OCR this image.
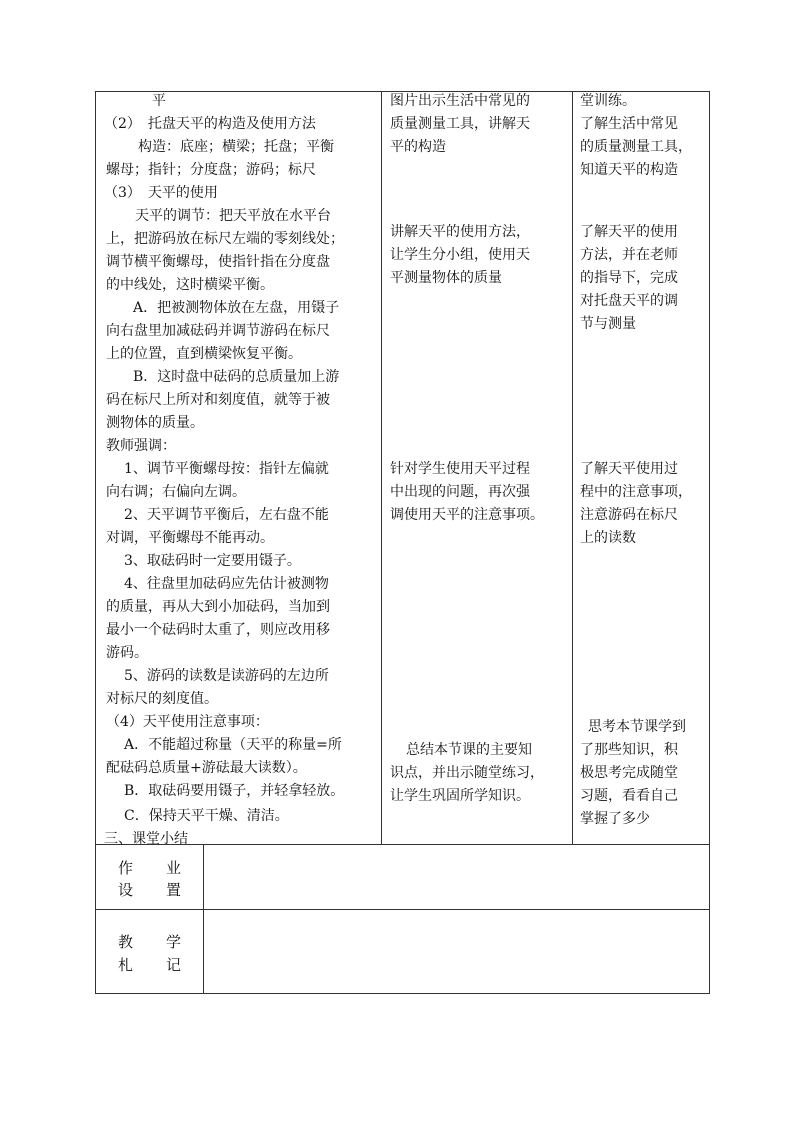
平
（2）　托盘天平的构造及使用方法
构造：底座；横梁；托盘；平衡
螺母；指针；分度盘；游码；标尺
（3）　天平的使用
天平的调节：把天平放在水平台
上，把游码放在标尺左端的零刻线处；
调节横平衡螺母，使指针指在分度盘
的中线处，这时横梁平衡。
A．把被测物体放在左盘，用镊子
向右盘里加减砝码并调节游码在标尺
上的位置，直到横梁恢复平衡。
B．这时盘中砝码的总质量加上游
码在标尺上所对和刻度值，就等于被
测物体的质量。
教师强调：
1、调节平衡螺母按：指针左偏就
向右调；右偏向左调。
2、天平调节平衡后，左右盘不能
对调，平衡螺母不能再动。
3、取砝码时一定要用镊子。
4、往盘里加砝码应先估计被测物
的质量，再从大到小加砝码，当加到
最小一个砝码时太重了，则应改用移
游码。
5、游码的读数是读游码的左边所
对标尺的刻度值。
（4）天平使用注意事项：
A．不能超过称量（天平的称量=所
配砝码总质量+游砝最大读数）。
B．取砝码要用镊子，并轻拿轻放。
C．保持天平干燥、清洁。
三、课堂小结
图片出示生活中常见的
质量测量工具，讲解天
平的构造
讲解天平的使用方法，
让学生分小组，使用天
平测量物体的质量
针对学生使用天平过程
中出现的问题，再次强
调使用天平的注意事项。
总结本节课的主要知
识点，并出示随堂练习，
让学生巩固所学知识。
堂训练。
了解生活中常见
的质量测量工具，
知道天平的构造
了解天平的使用
方法，并在老师
的指导下，完成
对托盘天平的调
节与测量
了解天平使用过
程中的注意事项，
注意游码在标尺
上的读数
思考本节课学到
了那些知识，积
极思考完成随堂
习题，看看自己
掌握了多少
作 业
设 置
教 学
札 记
